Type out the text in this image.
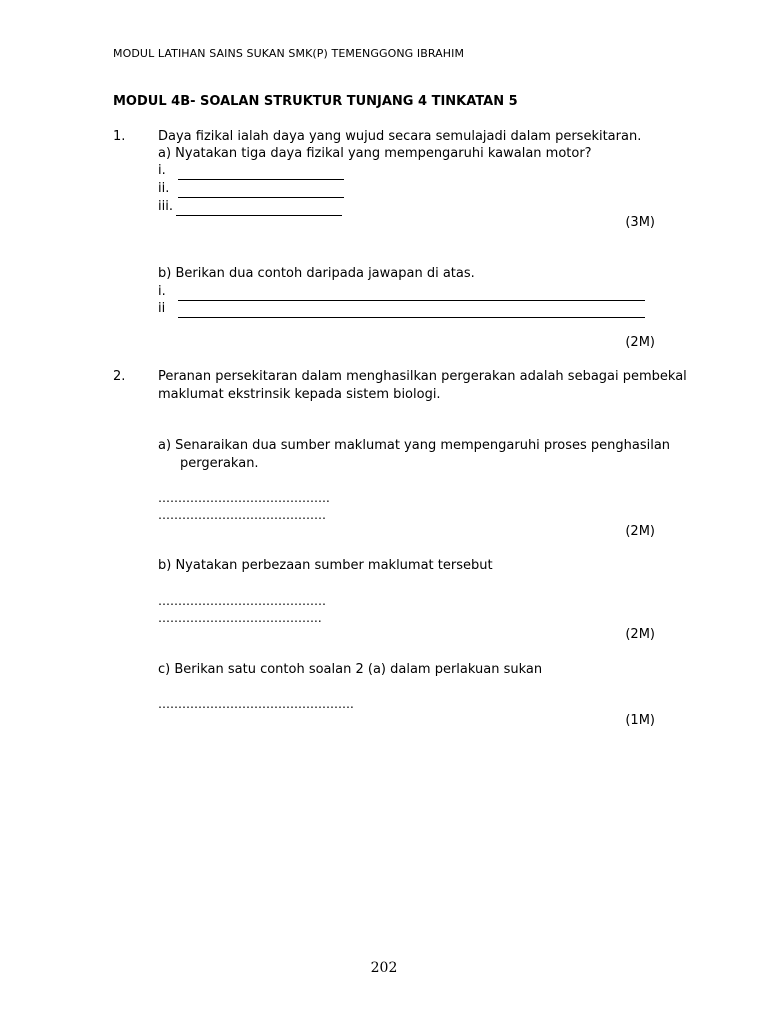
MODUL LATIHAN SAINS SUKAN SMK(P) TEMENGGONG IBRAHIM
MODUL 4B- SOALAN STRUKTUR TUNJANG 4 TINKATAN 5
1.	Daya fizikal ialah daya yang wujud secara semulajadi dalam persekitaran.
a) Nyatakan tiga daya fizikal yang mempengaruhi kawalan motor?
i.
ii.
iii.
(3M)
b) Berikan dua contoh daripada jawapan di atas.
i.
ii
(2M)
2.	Peranan persekitaran dalam menghasilkan pergerakan adalah sebagai pembekal
maklumat ekstrinsik kepada sistem biologi.
a) Senaraikan dua sumber maklumat yang mempengaruhi proses penghasilan
pergerakan.
…………………………………….
……………………………………
(2M)
b) Nyatakan perbezaan sumber maklumat tersebut
……………………………………
…………………………………..
(2M)
c) Berikan satu contoh soalan 2 (a) dalam perlakuan sukan
………………………………………….
(1M)
202
